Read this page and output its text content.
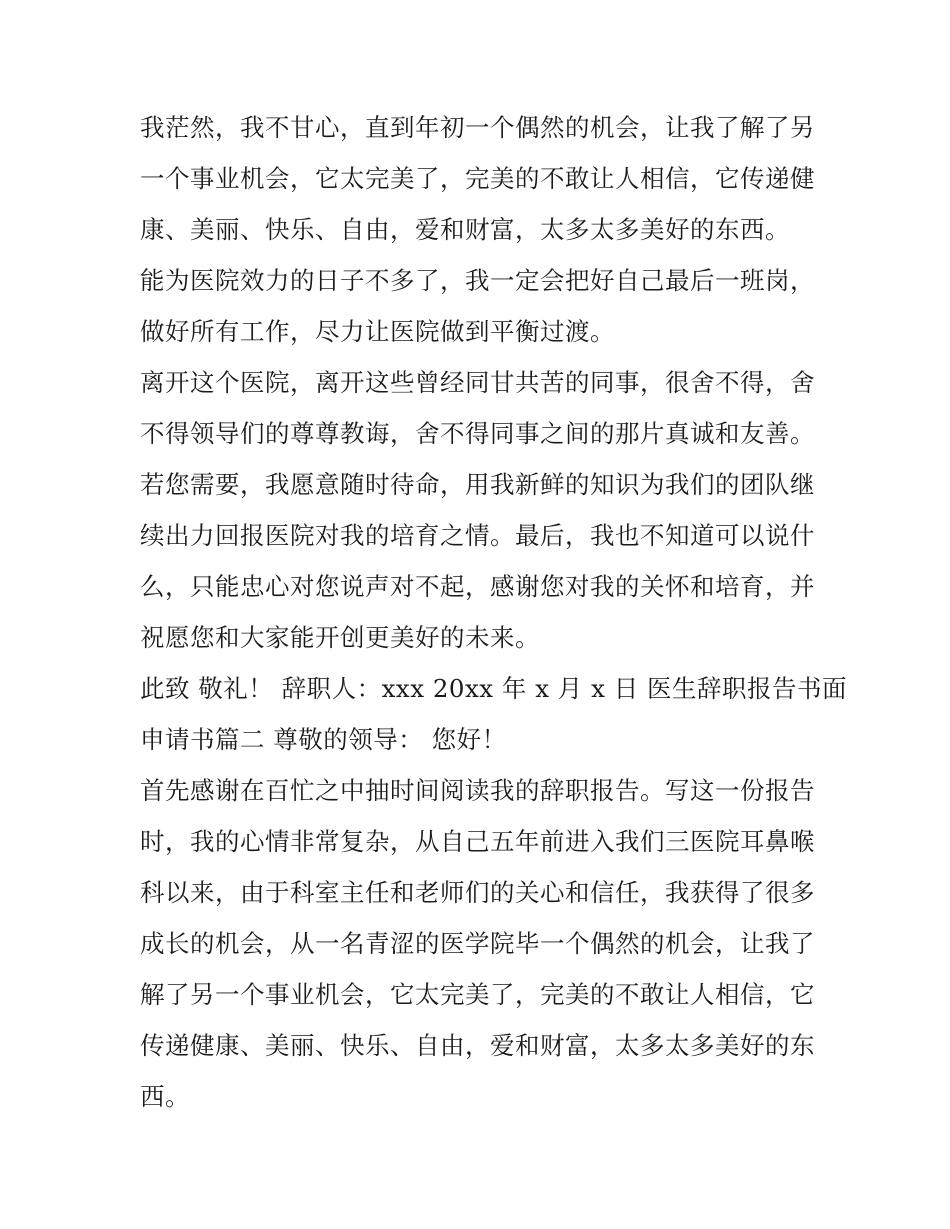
我茫然，我不甘心，直到年初一个偶然的机会，让我了解了另
一个事业机会，它太完美了，完美的不敢让人相信，它传递健
康、美丽、快乐、自由，爱和财富，太多太多美好的东西。
能为医院效力的日子不多了，我一定会把好自己最后一班岗，
做好所有工作，尽力让医院做到平衡过渡。
离开这个医院，离开这些曾经同甘共苦的同事，很舍不得，舍
不得领导们的尊尊教诲，舍不得同事之间的那片真诚和友善。
若您需要，我愿意随时待命，用我新鲜的知识为我们的团队继
续出力回报医院对我的培育之情。最后，我也不知道可以说什
么，只能忠心对您说声对不起，感谢您对我的关怀和培育，并
祝愿您和大家能开创更美好的未来。
此致 敬礼！ 辞职人：xxx 20xx 年 x 月 x 日 医生辞职报告书面
申请书篇二 尊敬的领导： 您好！
首先感谢在百忙之中抽时间阅读我的辞职报告。写这一份报告
时，我的心情非常复杂，从自己五年前进入我们三医院耳鼻喉
科以来，由于科室主任和老师们的关心和信任，我获得了很多
成长的机会，从一名青涩的医学院毕一个偶然的机会，让我了
解了另一个事业机会，它太完美了，完美的不敢让人相信，它
传递健康、美丽、快乐、自由，爱和财富，太多太多美好的东
西。
